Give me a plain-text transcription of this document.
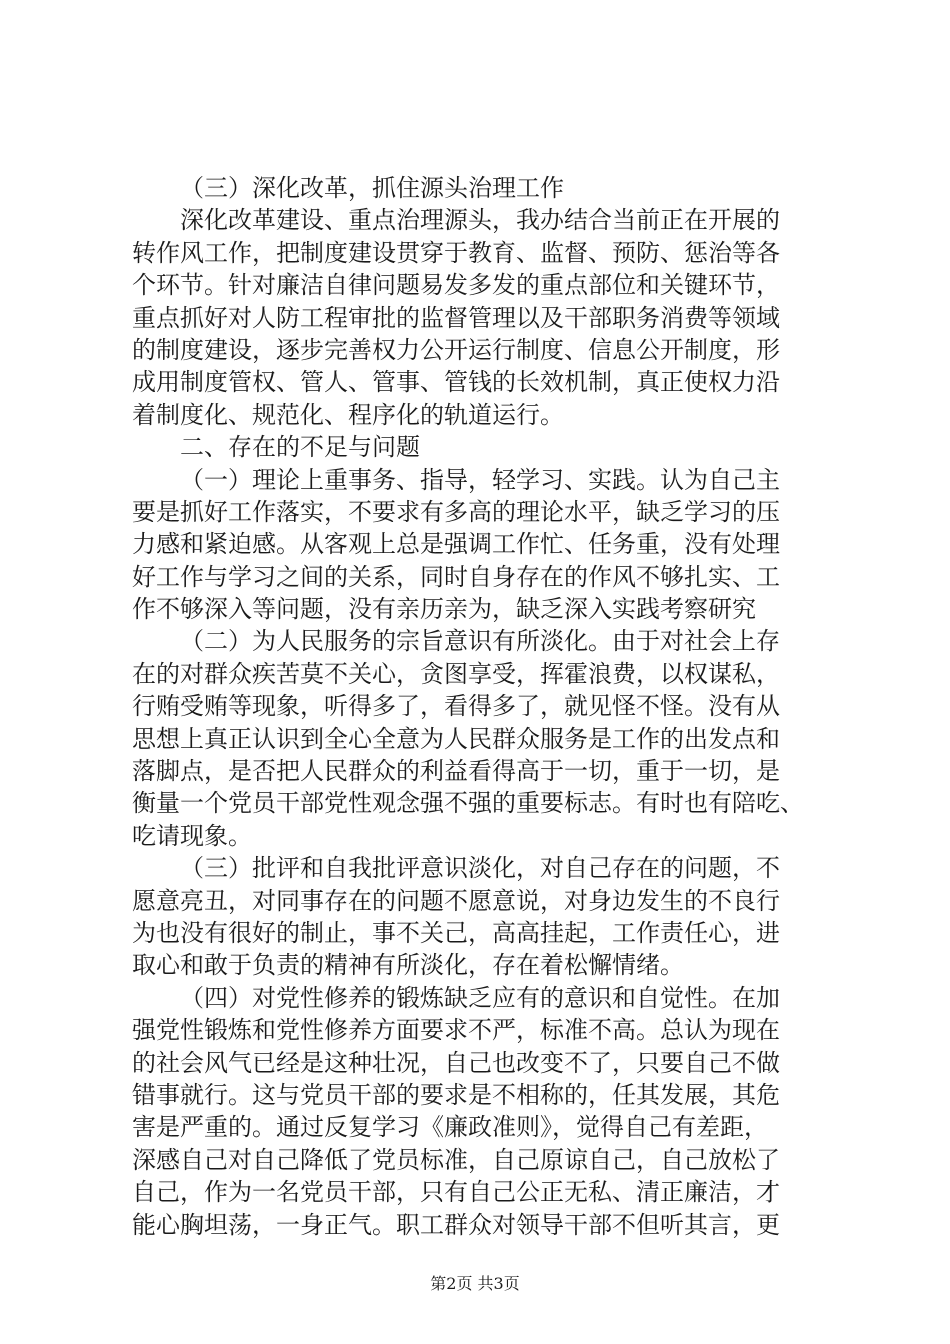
（三）深化改革，抓住源头治理工作
深化改革建设、重点治理源头，我办结合当前正在开展的
转作风工作，把制度建设贯穿于教育、监督、预防、惩治等各
个环节。针对廉洁自律问题易发多发的重点部位和关键环节，
重点抓好对人防工程审批的监督管理以及干部职务消费等领域
的制度建设，逐步完善权力公开运行制度、信息公开制度，形
成用制度管权、管人、管事、管钱的长效机制，真正使权力沿
着制度化、规范化、程序化的轨道运行。
二、存在的不足与问题
（一）理论上重事务、指导，轻学习、实践。认为自己主
要是抓好工作落实，不要求有多高的理论水平，缺乏学习的压
力感和紧迫感。从客观上总是强调工作忙、任务重，没有处理
好工作与学习之间的关系，同时自身存在的作风不够扎实、工
作不够深入等问题，没有亲历亲为，缺乏深入实践考察研究
（二）为人民服务的宗旨意识有所淡化。由于对社会上存
在的对群众疾苦莫不关心，贪图享受，挥霍浪费，以权谋私，
行贿受贿等现象，听得多了，看得多了，就见怪不怪。没有从
思想上真正认识到全心全意为人民群众服务是工作的出发点和
落脚点，是否把人民群众的利益看得高于一切，重于一切，是
衡量一个党员干部党性观念强不强的重要标志。有时也有陪吃、
吃请现象。
（三）批评和自我批评意识淡化，对自己存在的问题，不
愿意亮丑，对同事存在的问题不愿意说，对身边发生的不良行
为也没有很好的制止，事不关己，高高挂起，工作责任心，进
取心和敢于负责的精神有所淡化，存在着松懈情绪。
（四）对党性修养的锻炼缺乏应有的意识和自觉性。在加
强党性锻炼和党性修养方面要求不严，标准不高。总认为现在
的社会风气已经是这种壮况，自己也改变不了，只要自己不做
错事就行。这与党员干部的要求是不相称的，任其发展，其危
害是严重的。通过反复学习《廉政准则》，觉得自己有差距，
深感自己对自己降低了党员标准，自己原谅自己，自己放松了
自己，作为一名党员干部，只有自己公正无私、清正廉洁，才
能心胸坦荡，一身正气。职工群众对领导干部不但听其言，更
第2页 共3页
